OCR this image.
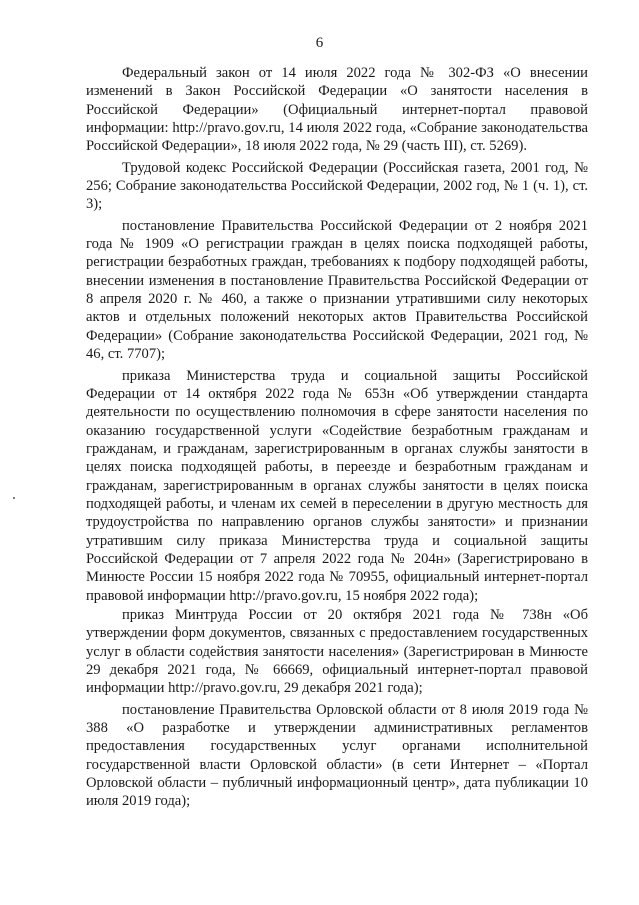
6

Федеральный закон от 14 июля 2022 года № 302-ФЗ «О внесении изменений в Закон Российской Федерации «О занятости населения в Российской Федерации» (Официальный интернет-портал правовой информации: http://pravo.gov.ru, 14 июля 2022 года, «Собрание законодательства Российской Федерации», 18 июля 2022 года, № 29 (часть III), ст. 5269).

Трудовой кодекс Российской Федерации (Российская газета, 2001 год, № 256; Собрание законодательства Российской Федерации, 2002 год, № 1 (ч. 1), ст. 3);

постановление Правительства Российской Федерации от 2 ноября 2021 года № 1909 «О регистрации граждан в целях поиска подходящей работы, регистрации безработных граждан, требованиях к подбору подходящей работы, внесении изменения в постановление Правительства Российской Федерации от 8 апреля 2020 г. № 460, а также о признании утратившими силу некоторых актов и отдельных положений некоторых актов Правительства Российской Федерации» (Собрание законодательства Российской Федерации, 2021 год, № 46, ст. 7707);

приказа Министерства труда и социальной защиты Российской Федерации от 14 октября 2022 года № 653н «Об утверждении стандарта деятельности по осуществлению полномочия в сфере занятости населения по оказанию государственной услуги «Содействие безработным гражданам и гражданам, и гражданам, зарегистрированным в органах службы занятости в целях поиска подходящей работы, в переезде и безработным гражданам и гражданам, зарегистрированным в органах службы занятости в целях поиска подходящей работы, и членам их семей в переселении в другую местность для трудоустройства по направлению органов службы занятости» и признании утратившим силу приказа Министерства труда и социальной защиты Российской Федерации от 7 апреля 2022 года № 204н» (Зарегистрировано в Минюсте России 15 ноября 2022 года № 70955, официальный интернет-портал правовой информации http://pravo.gov.ru, 15 ноября 2022 года);

приказ Минтруда России от 20 октября 2021 года № 738н «Об утверждении форм документов, связанных с предоставлением государственных услуг в области содействия занятости населения» (Зарегистрирован в Минюсте 29 декабря 2021 года, № 66669, официальный интернет-портал правовой информации http://pravo.gov.ru, 29 декабря 2021 года);

постановление Правительства Орловской области от 8 июля 2019 года № 388 «О разработке и утверждении административных регламентов предоставления государственных услуг органами исполнительной государственной власти Орловской области» (в сети Интернет – «Портал Орловской области – публичный информационный центр», дата публикации 10 июля 2019 года);
